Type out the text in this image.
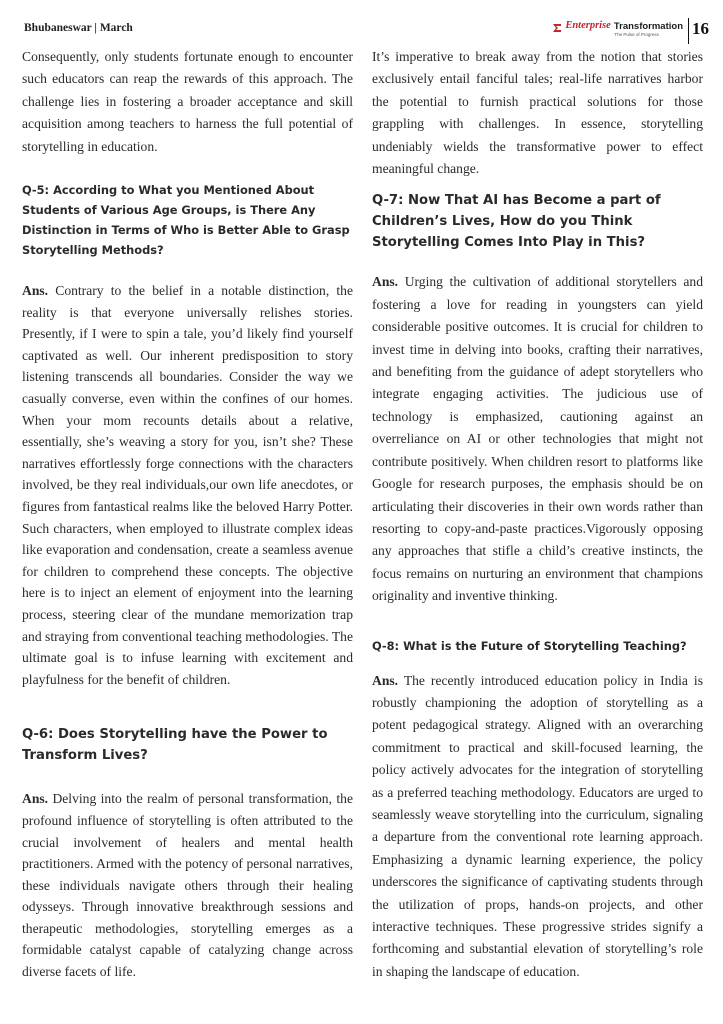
Bhubaneswar | March	Enterprise Transformation
The Pulse of Progress	16

Consequently, only students fortunate enough to encounter such educators can reap the rewards of this approach. The challenge lies in fostering a broader acceptance and skill acquisition among teachers to harness the full potential of storytelling in education.

Q-5: According to What you Mentioned About Students of Various Age Groups, is There Any Distinction in Terms of Who is Better Able to Grasp Storytelling Methods?

Ans. Contrary to the belief in a notable distinction, the reality is that everyone universally relishes stories. Presently, if I were to spin a tale, you’d likely find yourself captivated as well. Our inherent predisposition to story listening transcends all boundaries. Consider the way we casually converse, even within the confines of our homes. When your mom recounts details about a relative, essentially, she’s weaving a story for you, isn’t she? These narratives effortlessly forge connections with the characters involved, be they real individuals,our own life anecdotes, or figures from fantastical realms like the beloved Harry Potter. Such characters, when employed to illustrate complex ideas like evaporation and condensation, create a seamless avenue for children to comprehend these concepts. The objective here is to inject an element of enjoyment into the learning process, steering clear of the mundane memorization trap and straying from conventional teaching methodologies. The ultimate goal is to infuse learning with excitement and playfulness for the benefit of children.

Q-6: Does Storytelling have the Power to Transform Lives?

Ans. Delving into the realm of personal transformation, the profound influence of storytelling is often attributed to the crucial involvement of healers and mental health practitioners. Armed with the potency of personal narratives, these individuals navigate others through their healing odysseys. Through innovative breakthrough sessions and therapeutic methodologies, storytelling emerges as a formidable catalyst capable of catalyzing change across diverse facets of life.

It’s imperative to break away from the notion that stories exclusively entail fanciful tales; real-life narratives harbor the potential to furnish practical solutions for those grappling with challenges. In essence, storytelling undeniably wields the transformative power to effect meaningful change.

Q-7: Now That AI has Become a part of Children’s Lives, How do you Think Storytelling Comes Into Play in This?

Ans. Urging the cultivation of additional storytellers and fostering a love for reading in youngsters can yield considerable positive outcomes. It is crucial for children to invest time in delving into books, crafting their narratives, and benefiting from the guidance of adept storytellers who integrate engaging activities. The judicious use of technology is emphasized, cautioning against an overreliance on AI or other technologies that might not contribute positively. When children resort to platforms like Google for research purposes, the emphasis should be on articulating their discoveries in their own words rather than resorting to copy-and-paste practices.Vigorously opposing any approaches that stifle a child’s creative instincts, the focus remains on nurturing an environment that champions originality and inventive thinking.

Q-8: What is the Future of Storytelling Teaching?

Ans. The recently introduced education policy in India is robustly championing the adoption of storytelling as a potent pedagogical strategy. Aligned with an overarching commitment to practical and skill-focused learning, the policy actively advocates for the integration of storytelling as a preferred teaching methodology. Educators are urged to seamlessly weave storytelling into the curriculum, signaling a departure from the conventional rote learning approach. Emphasizing a dynamic learning experience, the policy underscores the significance of captivating students through the utilization of props, hands-on projects, and other interactive techniques. These progressive strides signify a forthcoming and substantial elevation of storytelling’s role in shaping the landscape of education.
